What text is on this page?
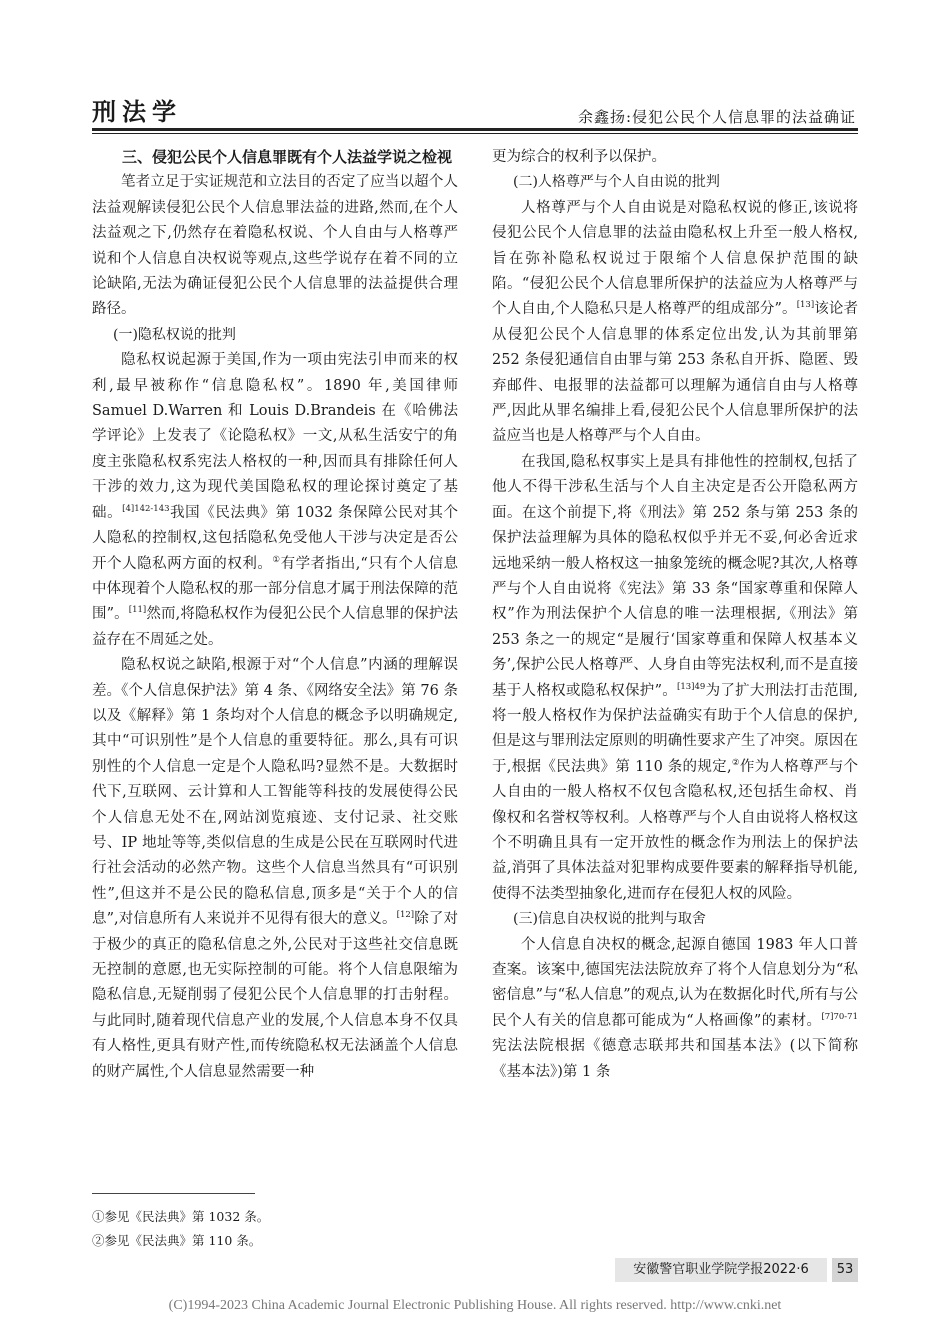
刑法学	余鑫扬:侵犯公民个人信息罪的法益确证
三、侵犯公民个人信息罪既有个人法益学说之检视

笔者立足于实证规范和立法目的否定了应当以超个人法益观解读侵犯公民个人信息罪法益的进路,然而,在个人法益观之下,仍然存在着隐私权说、个人自由与人格尊严说和个人信息自决权说等观点,这些学说存在着不同的立论缺陷,无法为确证侵犯公民个人信息罪的法益提供合理路径。

(一)隐私权说的批判

隐私权说起源于美国,作为一项由宪法引申而来的权利,最早被称作“信息隐私权”。1890 年,美国律师 Samuel D.Warren 和 Louis D.Brandeis 在《哈佛法学评论》上发表了《论隐私权》一文,从私生活安宁的角度主张隐私权系宪法人格权的一种,因而具有排除任何人干涉的效力,这为现代美国隐私权的理论探讨奠定了基础。$^{[4]142-143}$我国《民法典》第 1032 条保障公民对其个人隐私的控制权,这包括隐私免受他人干涉与决定是否公开个人隐私两方面的权利。①有学者指出,“只有个人信息中体现着个人隐私权的那一部分信息才属于刑法保障的范围”。[11]然而,将隐私权作为侵犯公民个人信息罪的保护法益存在不周延之处。

隐私权说之缺陷,根源于对“个人信息”内涵的理解误差。《个人信息保护法》第 4 条、《网络安全法》第 76 条以及《解释》第 1 条均对个人信息的概念予以明确规定,其中“可识别性”是个人信息的重要特征。那么,具有可识别性的个人信息一定是个人隐私吗?显然不是。大数据时代下,互联网、云计算和人工智能等科技的发展使得公民个人信息无处不在,网站浏览痕迹、支付记录、社交账号、IP 地址等等,类似信息的生成是公民在互联网时代进行社会活动的必然产物。这些个人信息当然具有“可识别性”,但这并不是公民的隐私信息,顶多是“关于个人的信息”,对信息所有人来说并不见得有很大的意义。[12]除了对于极少的真正的隐私信息之外,公民对于这些社交信息既无控制的意愿,也无实际控制的可能。将个人信息限缩为隐私信息,无疑削弱了侵犯公民个人信息罪的打击射程。与此同时,随着现代信息产业的发展,个人信息本身不仅具有人格性,更具有财产性,而传统隐私权无法涵盖个人信息的财产属性,个人信息显然需要一种

更为综合的权利予以保护。

(二)人格尊严与个人自由说的批判

人格尊严与个人自由说是对隐私权说的修正,该说将侵犯公民个人信息罪的法益由隐私权上升至一般人格权,旨在弥补隐私权说过于限缩个人信息保护范围的缺陷。“侵犯公民个人信息罪所保护的法益应为人格尊严与个人自由,个人隐私只是人格尊严的组成部分”。[13]该论者从侵犯公民个人信息罪的体系定位出发,认为其前罪第 252 条侵犯通信自由罪与第 253 条私自开拆、隐匿、毁弃邮件、电报罪的法益都可以理解为通信自由与人格尊严,因此从罪名编排上看,侵犯公民个人信息罪所保护的法益应当也是人格尊严与个人自由。

在我国,隐私权事实上是具有排他性的控制权,包括了他人不得干涉私生活与个人自主决定是否公开隐私两方面。在这个前提下,将《刑法》第 252 条与第 253 条的保护法益理解为具体的隐私权似乎并无不妥,何必舍近求远地采纳一般人格权这一抽象笼统的概念呢?其次,人格尊严与个人自由说将《宪法》第 33 条“国家尊重和保障人权”作为刑法保护个人信息的唯一法理根据,《刑法》第 253 条之一的规定“是履行‘国家尊重和保障人权基本义务’,保护公民人格尊严、人身自由等宪法权利,而不是直接基于人格权或隐私权保护”。$^{[13]49}$为了扩大刑法打击范围,将一般人格权作为保护法益确实有助于个人信息的保护,但是这与罪刑法定原则的明确性要求产生了冲突。原因在于,根据《民法典》第 110 条的规定,②作为人格尊严与个人自由的一般人格权不仅包含隐私权,还包括生命权、肖像权和名誉权等权利。人格尊严与个人自由说将人格权这个不明确且具有一定开放性的概念作为刑法上的保护法益,消弭了具体法益对犯罪构成要件要素的解释指导机能,使得不法类型抽象化,进而存在侵犯人权的风险。

(三)信息自决权说的批判与取舍

个人信息自决权的概念,起源自德国 1983 年人口普查案。该案中,德国宪法法院放弃了将个人信息划分为“私密信息”与“私人信息”的观点,认为在数据化时代,所有与公民个人有关的信息都可能成为“人格画像”的素材。$^{[7]70-71}$宪法法院根据《德意志联邦共和国基本法》(以下简称《基本法》)第 1 条

①参见《民法典》第 1032 条。
②参见《民法典》第 110 条。
安徽警官职业学院学报2022·6	53
(C)1994-2023 China Academic Journal Electronic Publishing House. All rights reserved. http://www.cnki.net
